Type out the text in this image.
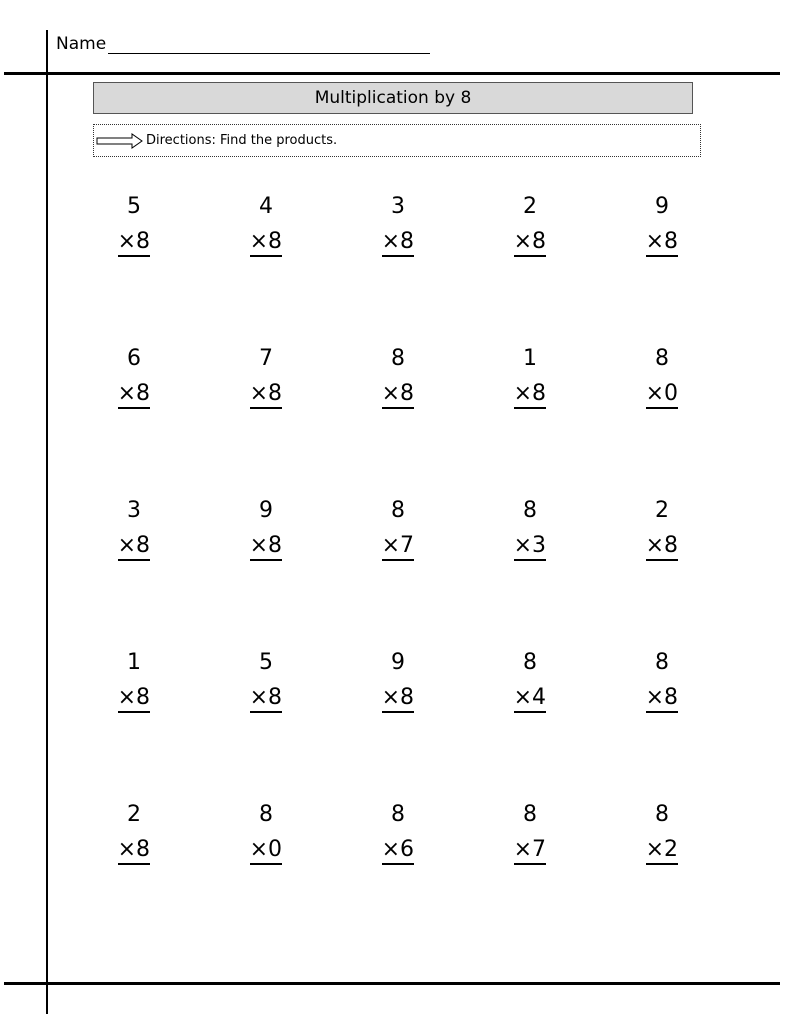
Name
Multiplication by 8
Directions: Find the products.
5
×8
4
×8
3
×8
2
×8
9
×8
6
×8
7
×8
8
×8
1
×8
8
×0
3
×8
9
×8
8
×7
8
×3
2
×8
1
×8
5
×8
9
×8
8
×4
8
×8
2
×8
8
×0
8
×6
8
×7
8
×2
